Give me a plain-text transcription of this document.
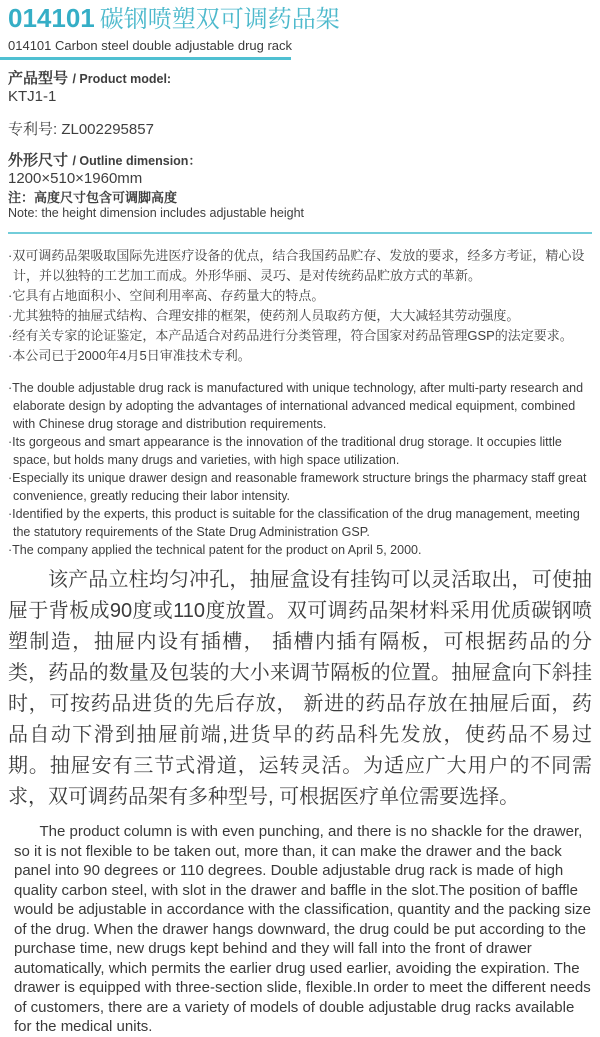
014101 碳钢喷塑双可调药品架
014101 Carbon steel double adjustable drug rack
产品型号 / Product model:
KTJ1-1
专利号: ZL002295857
外形尺寸 / Outline dimension：
1200×510×1960mm
注：高度尺寸包含可调脚高度
Note: the height dimension includes adjustable height
·双可调药品架吸取国际先进医疗设备的优点，结合我国药品贮存、发放的要求，经多方考证，精心设计，并以独特的工艺加工而成。外形华丽、灵巧、是对传统药品贮放方式的革新。
·它具有占地面积小、空间利用率高、存药量大的特点。
·尤其独特的抽屉式结构、合理安排的框架，使药剂人员取药方便，大大减轻其劳动强度。
·经有关专家的论证鉴定，本产品适合对药品进行分类管理，符合国家对药品管理GSP的法定要求。
·本公司已于2000年4月5日审准技术专利。
·The double adjustable drug rack is manufactured with unique technology, after multi-party research and elaborate design by adopting the advantages of international advanced medical equipment, combined with Chinese drug storage and distribution requirements.
·Its gorgeous and smart appearance is the innovation of the traditional drug storage. It occupies little space, but holds many drugs and varieties, with high space utilization.
·Especially its unique drawer design and reasonable framework structure brings the pharmacy staff great convenience, greatly reducing their labor intensity.
·Identified by the experts, this product is suitable for the classification of the drug management, meeting the statutory requirements of the State Drug Administration GSP.
·The company applied the technical patent for the product on April 5, 2000.

该产品立柱均匀冲孔，抽屉盒设有挂钩可以灵活取出，可使抽屉于背板成90度或110度放置。双可调药品架材料采用优质碳钢喷塑制造，抽屉内设有插槽， 插槽内插有隔板，可根据药品的分类，药品的数量及包装的大小来调节隔板的位置。抽屉盒向下斜挂时，可按药品进货的先后存放， 新进的药品存放在抽屉后面，药品自动下滑到抽屉前端,进货早的药品科先发放，使药品不易过期。抽屉安有三节式滑道，运转灵活。为适应广大用户的不同需求，双可调药品架有多种型号, 可根据医疗单位需要选择。

The product column is with even punching, and there is no shackle for the drawer, so it is not flexible to be taken out, more than, it can make the drawer and the back panel into 90 degrees or 110 degrees. Double adjustable drug rack is made of high quality carbon steel, with slot in the drawer and baffle in the slot.The position of baffle would be adjustable in accordance with the classification, quantity and the packing size of the drug. When the drawer hangs downward, the drug could be put according to the purchase time, new drugs kept behind and they will fall into the front of drawer automatically, which permits the earlier drug used earlier, avoiding the expiration. The drawer is equipped with three-section slide, flexible.In order to meet the different needs of customers, there are a variety of models of double adjustable drug racks available for the medical units.
